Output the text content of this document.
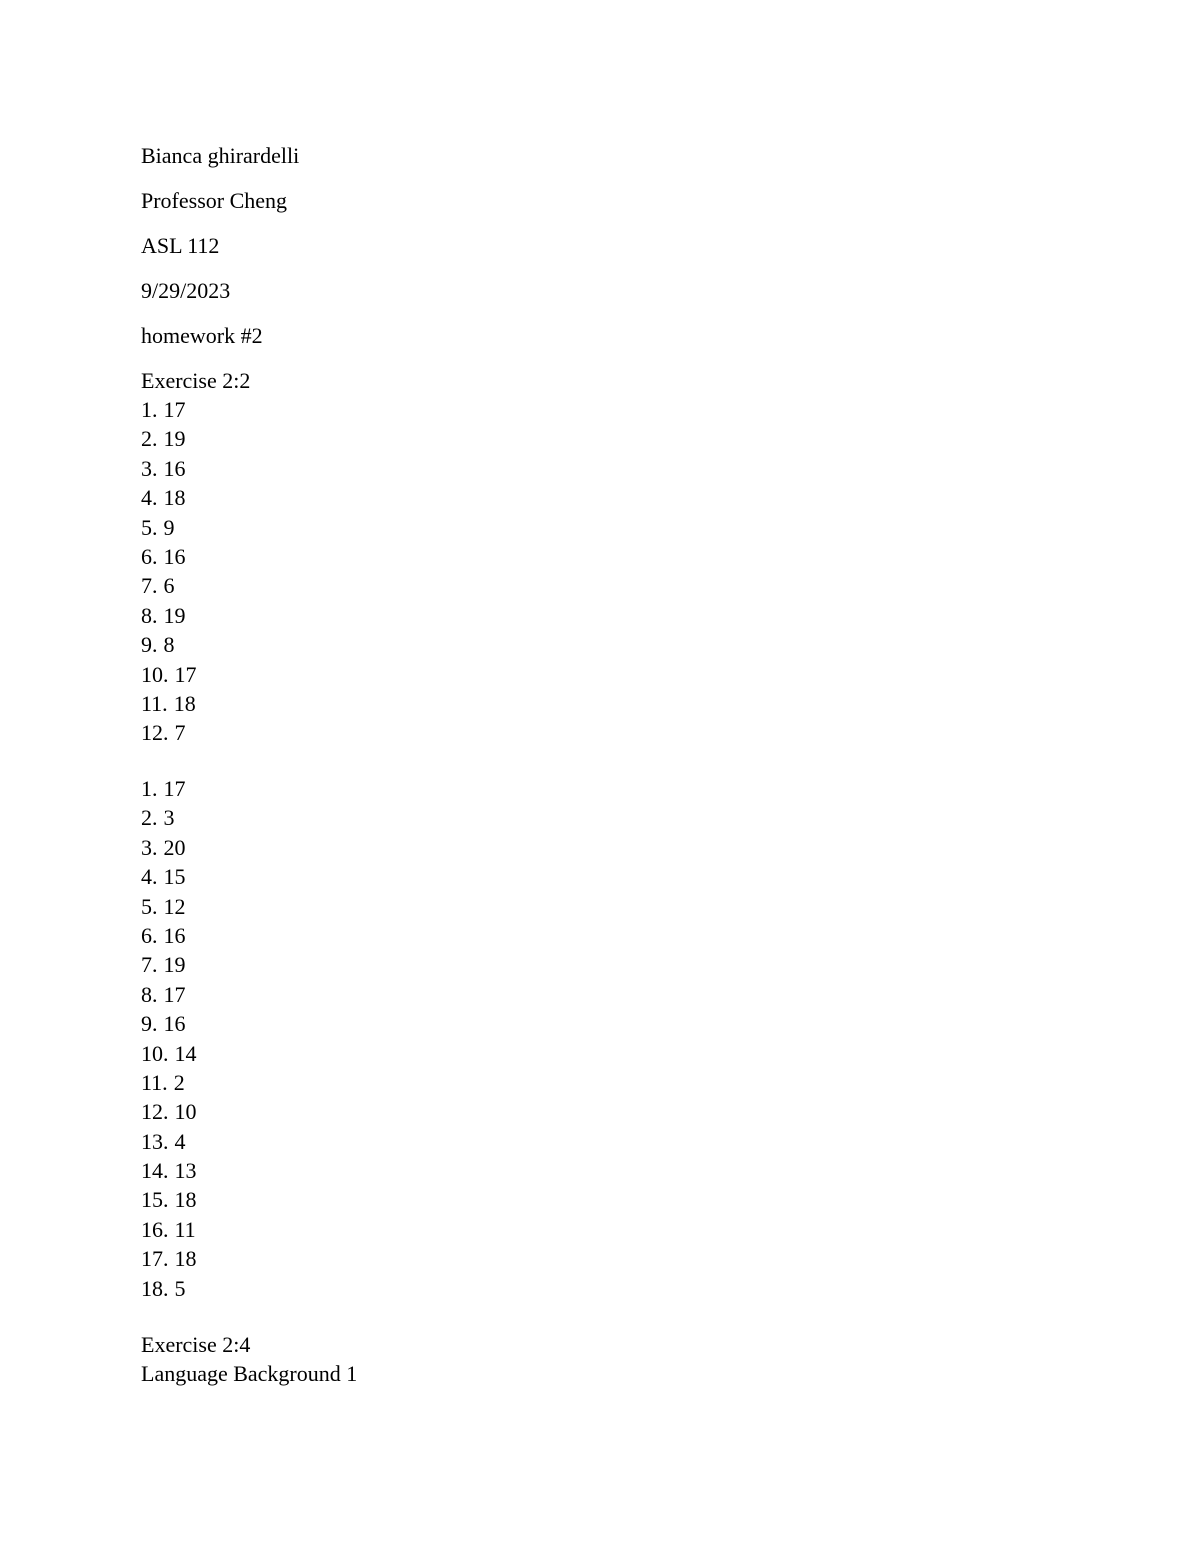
Bianca ghirardelli

Professor Cheng

ASL 112

9/29/2023

homework #2

Exercise 2:2

1. 17
2. 19
3. 16
4. 18
5. 9
6. 16
7. 6
8. 19
9. 8
10. 17
11. 18
12. 7
1. 17
2. 3
3. 20
4. 15
5. 12
6. 16
7. 19
8. 17
9. 16
10. 14
11. 2
12. 10
13. 4
14. 13
15. 18
16. 11
17. 18
18. 5

Exercise 2:4

Language Background 1
